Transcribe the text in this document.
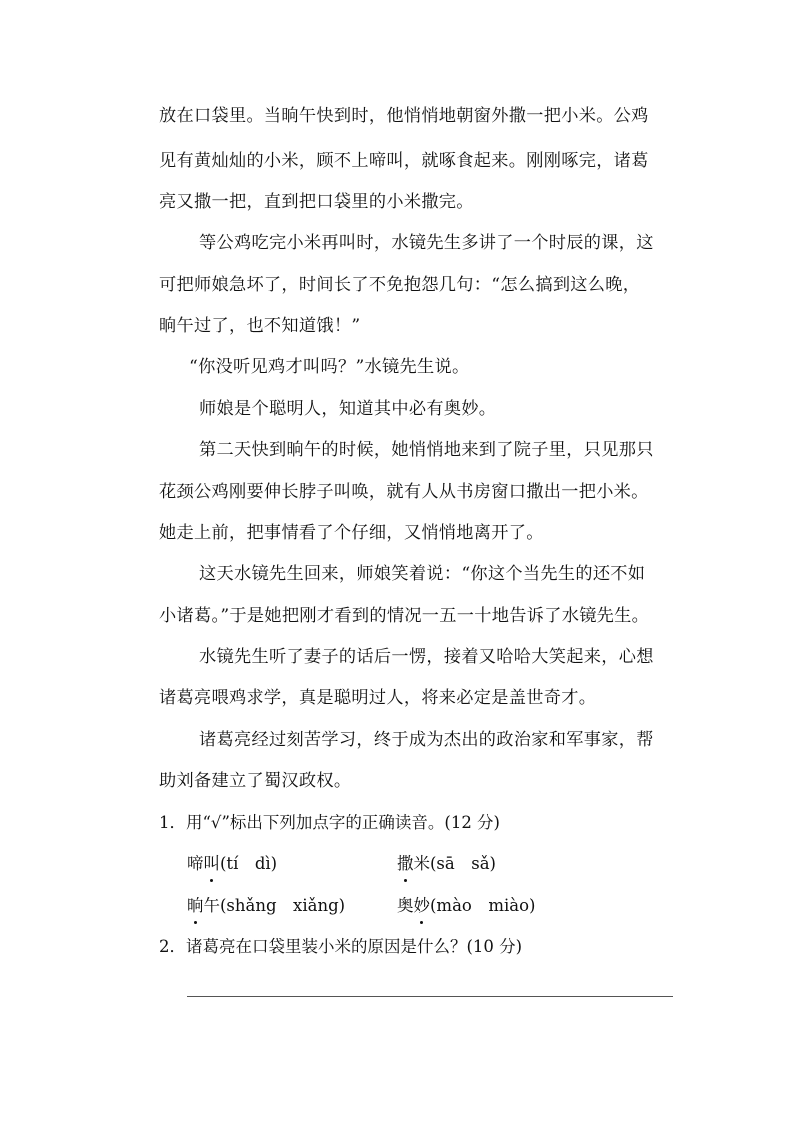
放在口袋里。当晌午快到时，他悄悄地朝窗外撒一把小米。公鸡
见有黄灿灿的小米，顾不上啼叫，就啄食起来。刚刚啄完，诸葛
亮又撒一把，直到把口袋里的小米撒完。
等公鸡吃完小米再叫时，水镜先生多讲了一个时辰的课，这
可把师娘急坏了，时间长了不免抱怨几句：“怎么搞到这么晚，
晌午过了，也不知道饿！”
“你没听见鸡才叫吗？”水镜先生说。
师娘是个聪明人，知道其中必有奥妙。
第二天快到晌午的时候，她悄悄地来到了院子里，只见那只
花颈公鸡刚要伸长脖子叫唤，就有人从书房窗口撒出一把小米。
她走上前，把事情看了个仔细，又悄悄地离开了。
这天水镜先生回来，师娘笑着说：“你这个当先生的还不如
小诸葛。”于是她把刚才看到的情况一五一十地告诉了水镜先生。
水镜先生听了妻子的话后一愣，接着又哈哈大笑起来，心想
诸葛亮喂鸡求学，真是聪明过人，将来必定是盖世奇才。
诸葛亮经过刻苦学习，终于成为杰出的政治家和军事家，帮
助刘备建立了蜀汉政权。
1．用“√”标出下列加点字的正确读音。(12 分)
啼叫(tí　dì)	撒米(sā　sǎ)
晌午(shǎng　xiǎng)	奥妙(mào　miào)
2．诸葛亮在口袋里装小米的原因是什么？(10 分)
